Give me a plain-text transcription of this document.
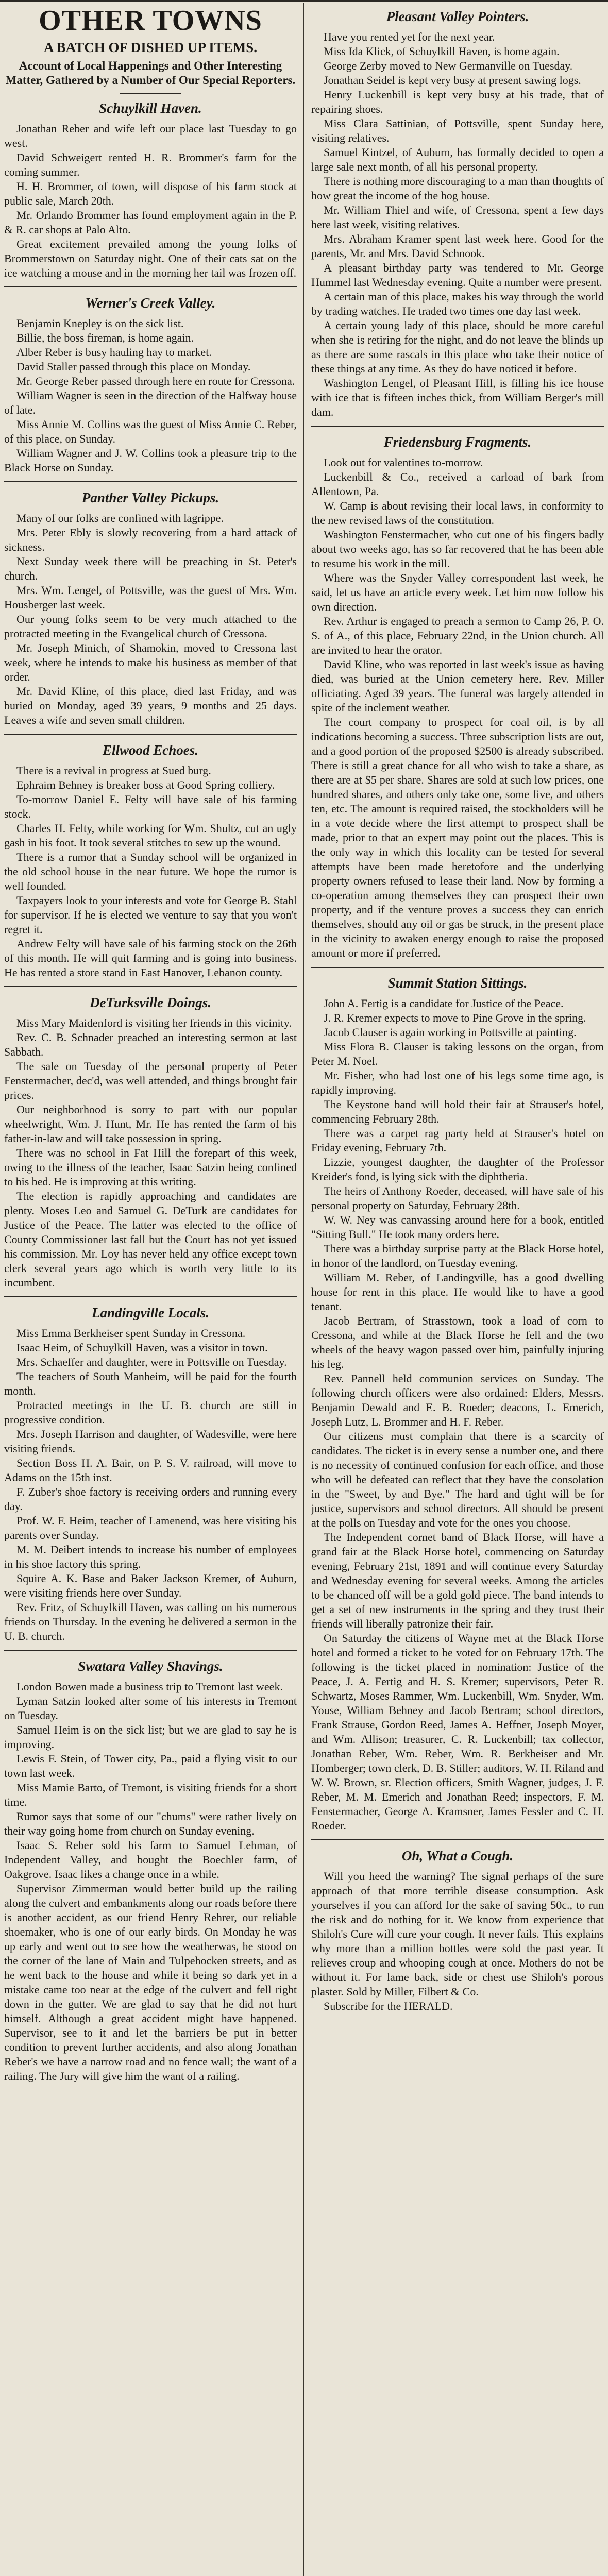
OTHER TOWNS
A BATCH OF DISHED UP ITEMS.
Account of Local Happenings and Other Interesting Matter, Gathered by a Number of Our Special Reporters.
Schuylkill Haven.

Jonathan Reber and wife left our place last Tuesday to go west.

David Schweigert rented H. R. Brommer's farm for the coming summer.

H. H. Brommer, of town, will dispose of his farm stock at public sale, March 20th.

Mr. Orlando Brommer has found employment again in the P. & R. car shops at Palo Alto.

Great excitement prevailed among the young folks of Brommerstown on Saturday night. One of their cats sat on the ice watching a mouse and in the morning her tail was frozen off.

Werner's Creek Valley.

Benjamin Knepley is on the sick list.

Billie, the boss fireman, is home again.

Alber Reber is busy hauling hay to market.

David Staller passed through this place on Monday.

Mr. George Reber passed through here en route for Cressona.

William Wagner is seen in the direction of the Halfway house of late.

Miss Annie M. Collins was the guest of Miss Annie C. Reber, of this place, on Sunday.

William Wagner and J. W. Collins took a pleasure trip to the Black Horse on Sunday.

Panther Valley Pickups.

Many of our folks are confined with lagrippe.

Mrs. Peter Ebly is slowly recovering from a hard attack of sickness.

Next Sunday week there will be preaching in St. Peter's church.

Mrs. Wm. Lengel, of Pottsville, was the guest of Mrs. Wm. Housberger last week.

Our young folks seem to be very much attached to the protracted meeting in the Evangelical church of Cressona.

Mr. Joseph Minich, of Shamokin, moved to Cressona last week, where he intends to make his business as member of that order.

Mr. David Kline, of this place, died last Friday, and was buried on Monday, aged 39 years, 9 months and 25 days. Leaves a wife and seven small children.

Ellwood Echoes.

There is a revival in progress at Sued burg.

Ephraim Behney is breaker boss at Good Spring colliery.

To-morrow Daniel E. Felty will have sale of his farming stock.

Charles H. Felty, while working for Wm. Shultz, cut an ugly gash in his foot. It took several stitches to sew up the wound.

There is a rumor that a Sunday school will be organized in the old school house in the near future. We hope the rumor is well founded.

Taxpayers look to your interests and vote for George B. Stahl for supervisor. If he is elected we venture to say that you won't regret it.

Andrew Felty will have sale of his farming stock on the 26th of this month. He will quit farming and is going into business. He has rented a store stand in East Hanover, Lebanon county.

DeTurksville Doings.

Miss Mary Maidenford is visiting her friends in this vicinity.

Rev. C. B. Schnader preached an interesting sermon at last Sabbath.

The sale on Tuesday of the personal property of Peter Fenstermacher, dec'd, was well attended, and things brought fair prices.

Our neighborhood is sorry to part with our popular wheelwright, Wm. J. Hunt, Mr. He has rented the farm of his father-in-law and will take possession in spring.

There was no school in Fat Hill the forepart of this week, owing to the illness of the teacher, Isaac Satzin being confined to his bed. He is improving at this writing.

The election is rapidly approaching and candidates are plenty. Moses Leo and Samuel G. DeTurk are candidates for Justice of the Peace. The latter was elected to the office of County Commissioner last fall but the Court has not yet issued his commission. Mr. Loy has never held any office except town clerk several years ago which is worth very little to its incumbent.

Landingville Locals.

Miss Emma Berkheiser spent Sunday in Cressona.

Isaac Heim, of Schuylkill Haven, was a visitor in town.

Mrs. Schaeffer and daughter, were in Pottsville on Tuesday.

The teachers of South Manheim, will be paid for the fourth month.

Protracted meetings in the U. B. church are still in progressive condition.

Mrs. Joseph Harrison and daughter, of Wadesville, were here visiting friends.

Section Boss H. A. Bair, on P. S. V. railroad, will move to Adams on the 15th inst.

F. Zuber's shoe factory is receiving orders and running every day.

Prof. W. F. Heim, teacher of Lamenend, was here visiting his parents over Sunday.

M. M. Deibert intends to increase his number of employees in his shoe factory this spring.

Squire A. K. Base and Baker Jackson Kremer, of Auburn, were visiting friends here over Sunday.

Rev. Fritz, of Schuylkill Haven, was calling on his numerous friends on Thursday. In the evening he delivered a sermon in the U. B. church.

Swatara Valley Shavings.

London Bowen made a business trip to Tremont last week.

Lyman Satzin looked after some of his interests in Tremont on Tuesday.

Samuel Heim is on the sick list; but we are glad to say he is improving.

Lewis F. Stein, of Tower city, Pa., paid a flying visit to our town last week.

Miss Mamie Barto, of Tremont, is visiting friends for a short time.

Rumor says that some of our "chums" were rather lively on their way going home from church on Sunday evening.

Isaac S. Reber sold his farm to Samuel Lehman, of Independent Valley, and bought the Boechler farm, of Oakgrove. Isaac likes a change once in a while.

Supervisor Zimmerman would better build up the railing along the culvert and embankments along our roads before there is another accident, as our friend Henry Rehrer, our reliable shoemaker, who is one of our early birds. On Monday he was up early and went out to see how the weatherwas, he stood on the corner of the lane of Main and Tulpehocken streets, and as he went back to the house and while it being so dark yet in a mistake came too near at the edge of the culvert and fell right down in the gutter. We are glad to say that he did not hurt himself. Although a great accident might have happened. Supervisor, see to it and let the barriers be put in better condition to prevent further accidents, and also along Jonathan Reber's we have a narrow road and no fence wall; the want of a railing. The Jury will give him the want of a railing.

Pleasant Valley Pointers.

Have you rented yet for the next year.

Miss Ida Klick, of Schuylkill Haven, is home again.

George Zerby moved to New Germanville on Tuesday.

Jonathan Seidel is kept very busy at present sawing logs.

Henry Luckenbill is kept very busy at his trade, that of repairing shoes.

Miss Clara Sattinian, of Pottsville, spent Sunday here, visiting relatives.

Samuel Kintzel, of Auburn, has formally decided to open a large sale next month, of all his personal property.

There is nothing more discouraging to a man than thoughts of how great the income of the hog house.

Mr. William Thiel and wife, of Cressona, spent a few days here last week, visiting relatives.

Mrs. Abraham Kramer spent last week here. Good for the parents, Mr. and Mrs. David Schnook.

A pleasant birthday party was tendered to Mr. George Hummel last Wednesday evening. Quite a number were present.

A certain man of this place, makes his way through the world by trading watches. He traded two times one day last week.

A certain young lady of this place, should be more careful when she is retiring for the night, and do not leave the blinds up as there are some rascals in this place who take their notice of these things at any time. As they do have noticed it before.

Washington Lengel, of Pleasant Hill, is filling his ice house with ice that is fifteen inches thick, from William Berger's mill dam.

Friedensburg Fragments.

Look out for valentines to-morrow.

Luckenbill & Co., received a carload of bark from Allentown, Pa.

W. Camp is about revising their local laws, in conformity to the new revised laws of the constitution.

Washington Fenstermacher, who cut one of his fingers badly about two weeks ago, has so far recovered that he has been able to resume his work in the mill.

Where was the Snyder Valley correspondent last week, he said, let us have an article every week. Let him now follow his own direction.

Rev. Arthur is engaged to preach a sermon to Camp 26, P. O. S. of A., of this place, February 22nd, in the Union church. All are invited to hear the orator.

David Kline, who was reported in last week's issue as having died, was buried at the Union cemetery here. Rev. Miller officiating. Aged 39 years. The funeral was largely attended in spite of the inclement weather.

The court company to prospect for coal oil, is by all indications becoming a success. Three subscription lists are out, and a good portion of the proposed $2500 is already subscribed. There is still a great chance for all who wish to take a share, as there are at $5 per share. Shares are sold at such low prices, one hundred shares, and others only take one, some five, and others ten, etc. The amount is required raised, the stockholders will be in a vote decide where the first attempt to prospect shall be made, prior to that an expert may point out the places. This is the only way in which this locality can be tested for several attempts have been made heretofore and the underlying property owners refused to lease their land. Now by forming a co-operation among themselves they can prospect their own property, and if the venture proves a success they can enrich themselves, should any oil or gas be struck, in the present place in the vicinity to awaken energy enough to raise the proposed amount or more if preferred.

Summit Station Sittings.

John A. Fertig is a candidate for Justice of the Peace.

J. R. Kremer expects to move to Pine Grove in the spring.

Jacob Clauser is again working in Pottsville at painting.

Miss Flora B. Clauser is taking lessons on the organ, from Peter M. Noel.

Mr. Fisher, who had lost one of his legs some time ago, is rapidly improving.

The Keystone band will hold their fair at Strauser's hotel, commencing February 28th.

There was a carpet rag party held at Strauser's hotel on Friday evening, February 7th.

Lizzie, youngest daughter, the daughter of the Professor Kreider's fond, is lying sick with the diphtheria.

The heirs of Anthony Roeder, deceased, will have sale of his personal property on Saturday, February 28th.

W. W. Ney was canvassing around here for a book, entitled "Sitting Bull." He took many orders here.

There was a birthday surprise party at the Black Horse hotel, in honor of the landlord, on Tuesday evening.

William M. Reber, of Landingville, has a good dwelling house for rent in this place. He would like to have a good tenant.

Jacob Bertram, of Strasstown, took a load of corn to Cressona, and while at the Black Horse he fell and the two wheels of the heavy wagon passed over him, painfully injuring his leg.

Rev. Pannell held communion services on Sunday. The following church officers were also ordained: Elders, Messrs. Benjamin Dewald and E. B. Roeder; deacons, L. Emerich, Joseph Lutz, L. Brommer and H. F. Reber.

Our citizens must complain that there is a scarcity of candidates. The ticket is in every sense a number one, and there is no necessity of continued confusion for each office, and those who will be defeated can reflect that they have the consolation in the "Sweet, by and Bye." The hard and tight will be for justice, supervisors and school directors. All should be present at the polls on Tuesday and vote for the ones you choose.

The Independent cornet band of Black Horse, will have a grand fair at the Black Horse hotel, commencing on Saturday evening, February 21st, 1891 and will continue every Saturday and Wednesday evening for several weeks. Among the articles to be chanced off will be a gold gold piece. The band intends to get a set of new instruments in the spring and they trust their friends will liberally patronize their fair.

On Saturday the citizens of Wayne met at the Black Horse hotel and formed a ticket to be voted for on February 17th. The following is the ticket placed in nomination: Justice of the Peace, J. A. Fertig and H. S. Kremer; supervisors, Peter R. Schwartz, Moses Rammer, Wm. Luckenbill, Wm. Snyder, Wm. Youse, William Behney and Jacob Bertram; school directors, Frank Strause, Gordon Reed, James A. Heffner, Joseph Moyer, and Wm. Allison; treasurer, C. R. Luckenbill; tax collector, Jonathan Reber, Wm. Reber, Wm. R. Berkheiser and Mr. Homberger; town clerk, D. B. Stiller; auditors, W. H. Riland and W. W. Brown, sr. Election officers, Smith Wagner, judges, J. F. Reber, M. M. Emerich and Jonathan Reed; inspectors, F. M. Fenstermacher, George A. Kramsner, James Fessler and C. H. Roeder.

Oh, What a Cough.

Will you heed the warning? The signal perhaps of the sure approach of that more terrible disease consumption. Ask yourselves if you can afford for the sake of saving 50c., to run the risk and do nothing for it. We know from experience that Shiloh's Cure will cure your cough. It never fails. This explains why more than a million bottles were sold the past year. It relieves croup and whooping cough at once. Mothers do not be without it. For lame back, side or chest use Shiloh's porous plaster. Sold by Miller, Filbert & Co.

Subscribe for the HERALD.
